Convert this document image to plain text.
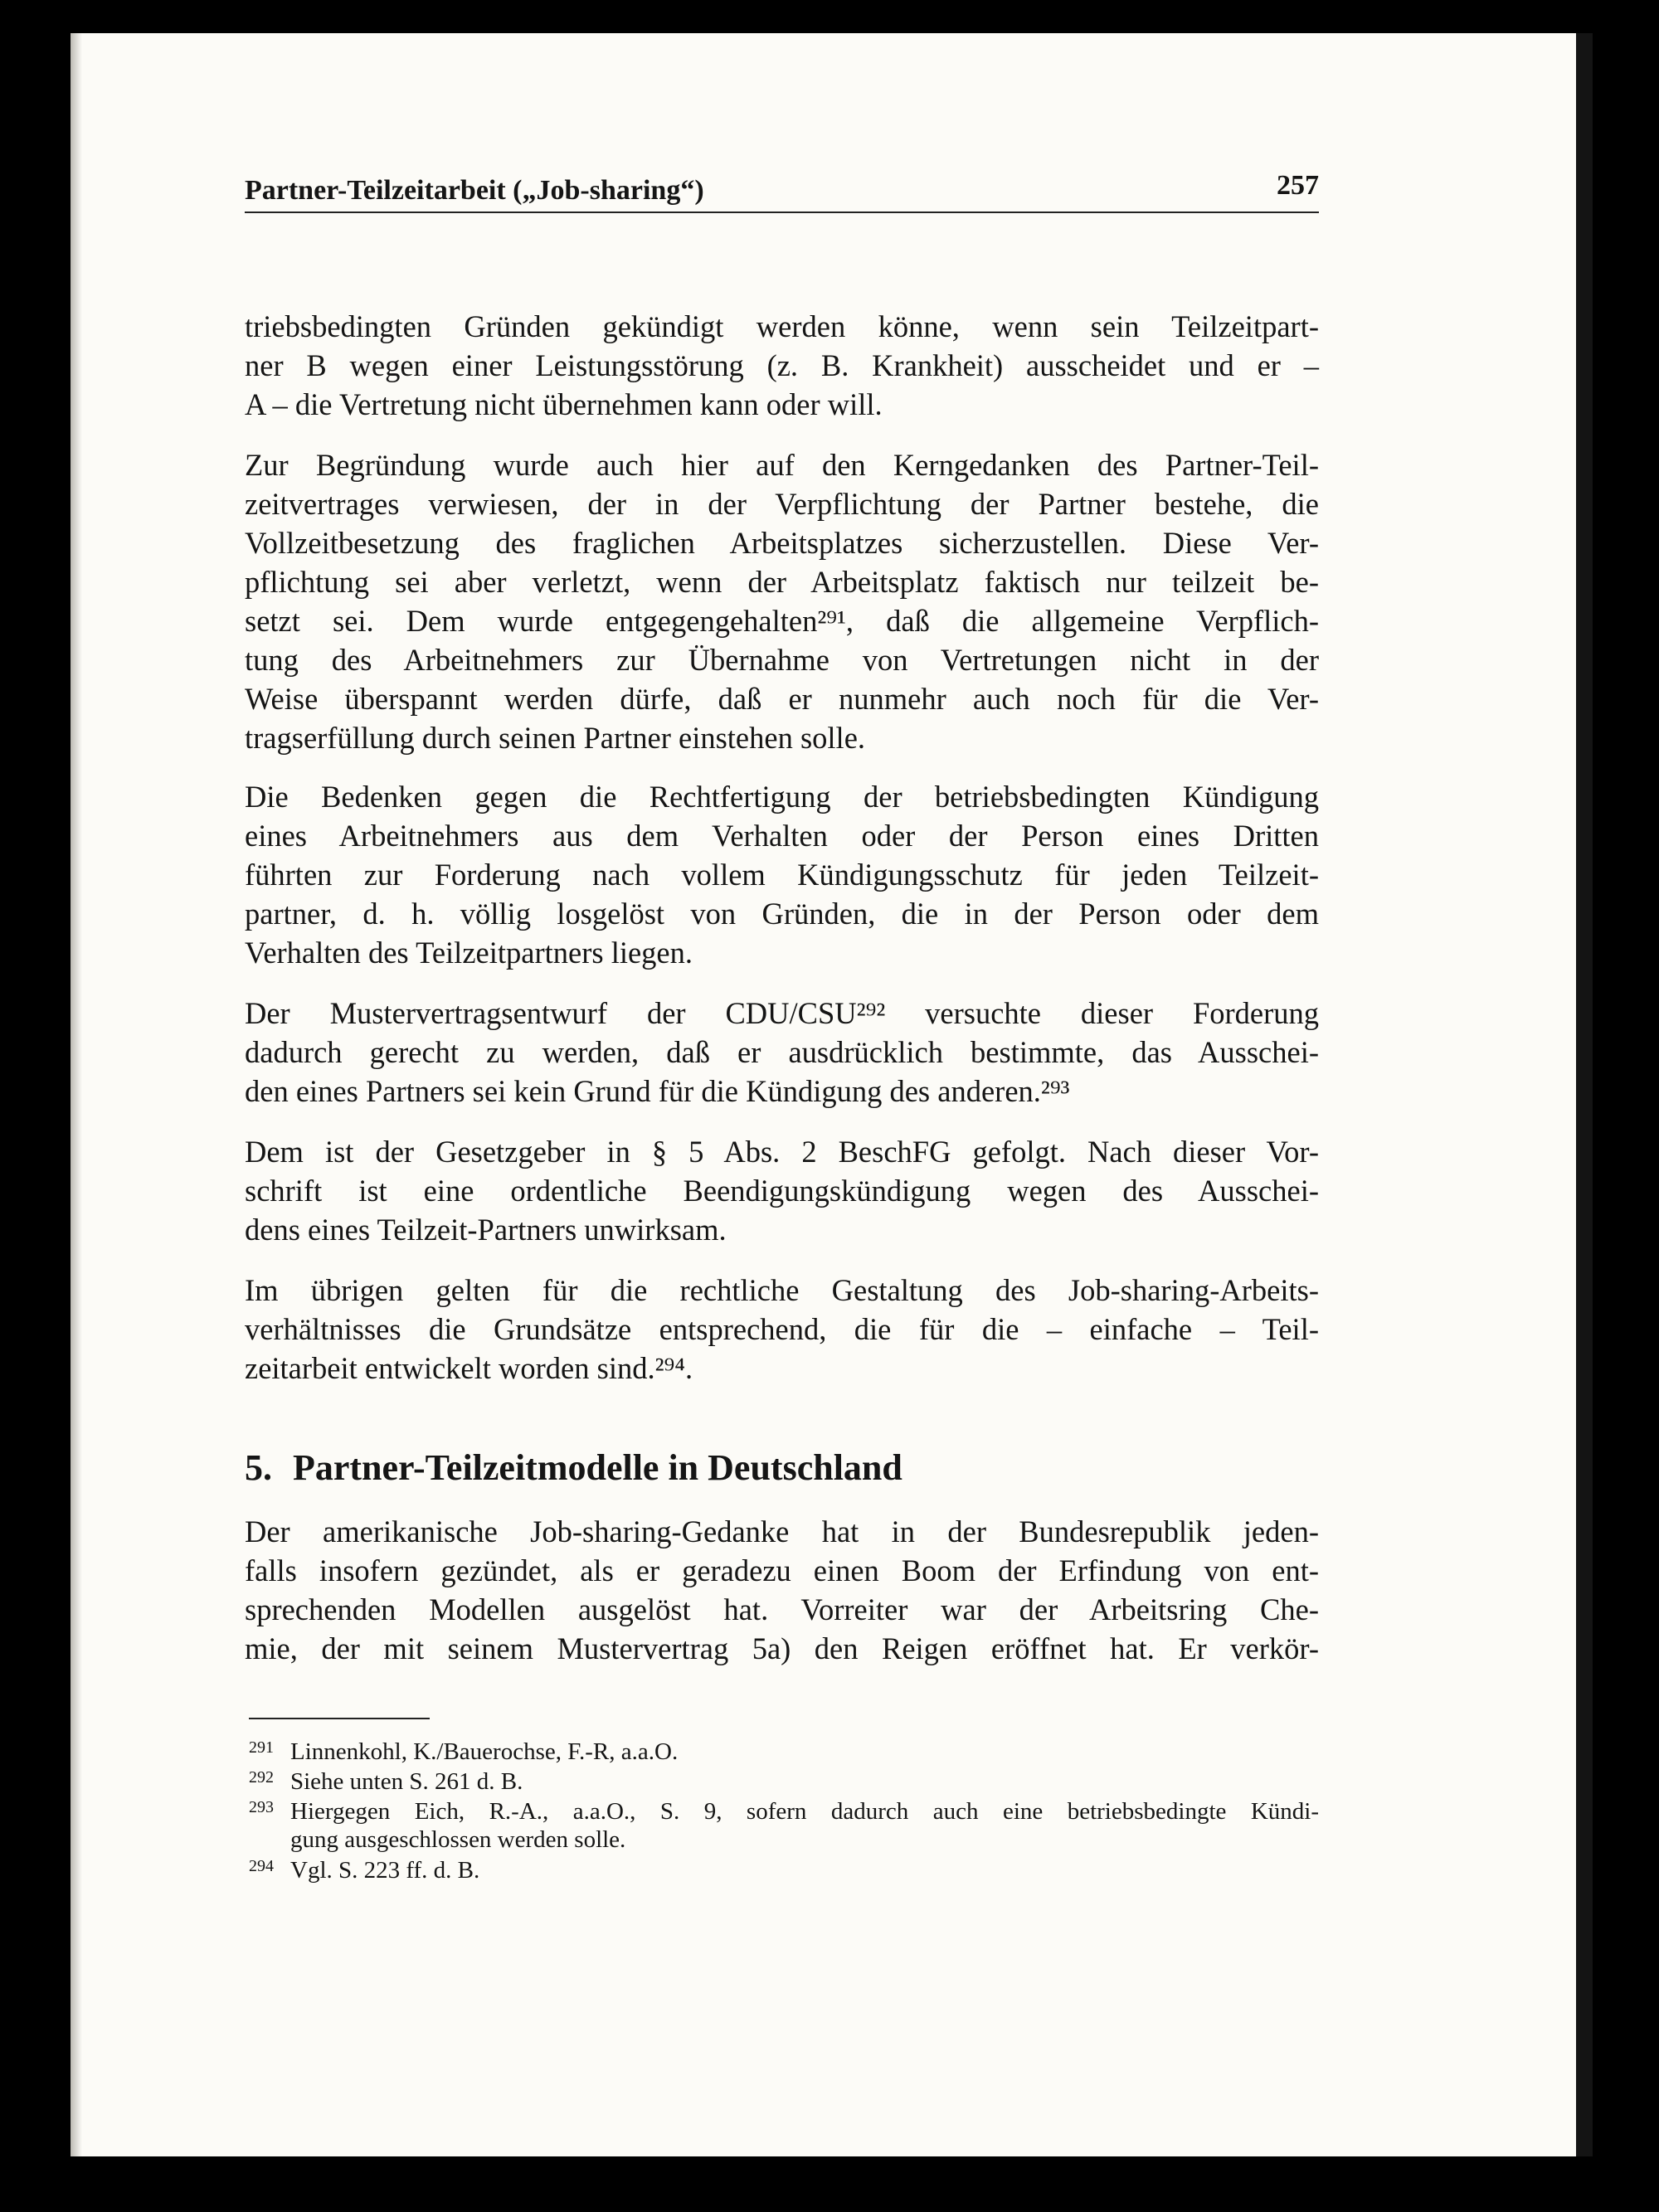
Partner-Teilzeitarbeit („Job-sharing“)	257
triebsbedingten Gründen gekündigt werden könne, wenn sein Teilzeitpart-
ner B wegen einer Leistungsstörung (z. B. Krankheit) ausscheidet und er –
A – die Vertretung nicht übernehmen kann oder will.
Zur Begründung wurde auch hier auf den Kerngedanken des Partner-Teil-
zeitvertrages verwiesen, der in der Verpflichtung der Partner bestehe, die
Vollzeitbesetzung des fraglichen Arbeitsplatzes sicherzustellen. Diese Ver-
pflichtung sei aber verletzt, wenn der Arbeitsplatz faktisch nur teilzeit be-
setzt sei. Dem wurde entgegengehalten²⁹¹, daß die allgemeine Verpflich-
tung des Arbeitnehmers zur Übernahme von Vertretungen nicht in der
Weise überspannt werden dürfe, daß er nunmehr auch noch für die Ver-
tragserfüllung durch seinen Partner einstehen solle.
Die Bedenken gegen die Rechtfertigung der betriebsbedingten Kündigung
eines Arbeitnehmers aus dem Verhalten oder der Person eines Dritten
führten zur Forderung nach vollem Kündigungsschutz für jeden Teilzeit-
partner, d. h. völlig losgelöst von Gründen, die in der Person oder dem
Verhalten des Teilzeitpartners liegen.
Der Mustervertragsentwurf der CDU/CSU²⁹² versuchte dieser Forderung
dadurch gerecht zu werden, daß er ausdrücklich bestimmte, das Ausschei-
den eines Partners sei kein Grund für die Kündigung des anderen.²⁹³
Dem ist der Gesetzgeber in § 5 Abs. 2 BeschFG gefolgt. Nach dieser Vor-
schrift ist eine ordentliche Beendigungskündigung wegen des Ausschei-
dens eines Teilzeit-Partners unwirksam.
Im übrigen gelten für die rechtliche Gestaltung des Job-sharing-Arbeits-
verhältnisses die Grundsätze entsprechend, die für die – einfache – Teil-
zeitarbeit entwickelt worden sind.²⁹⁴.
5. Partner-Teilzeitmodelle in Deutschland
Der amerikanische Job-sharing-Gedanke hat in der Bundesrepublik jeden-
falls insofern gezündet, als er geradezu einen Boom der Erfindung von ent-
sprechenden Modellen ausgelöst hat. Vorreiter war der Arbeitsring Che-
mie, der mit seinem Mustervertrag 5a) den Reigen eröffnet hat. Er verkör-
291 Linnenkohl, K./Bauerochse, F.-R, a.a.O.
292 Siehe unten S. 261 d. B.
293 Hiergegen Eich, R.-A., a.a.O., S. 9, sofern dadurch auch eine betriebsbedingte Kündi-
gung ausgeschlossen werden solle.
294 Vgl. S. 223 ff. d. B.
